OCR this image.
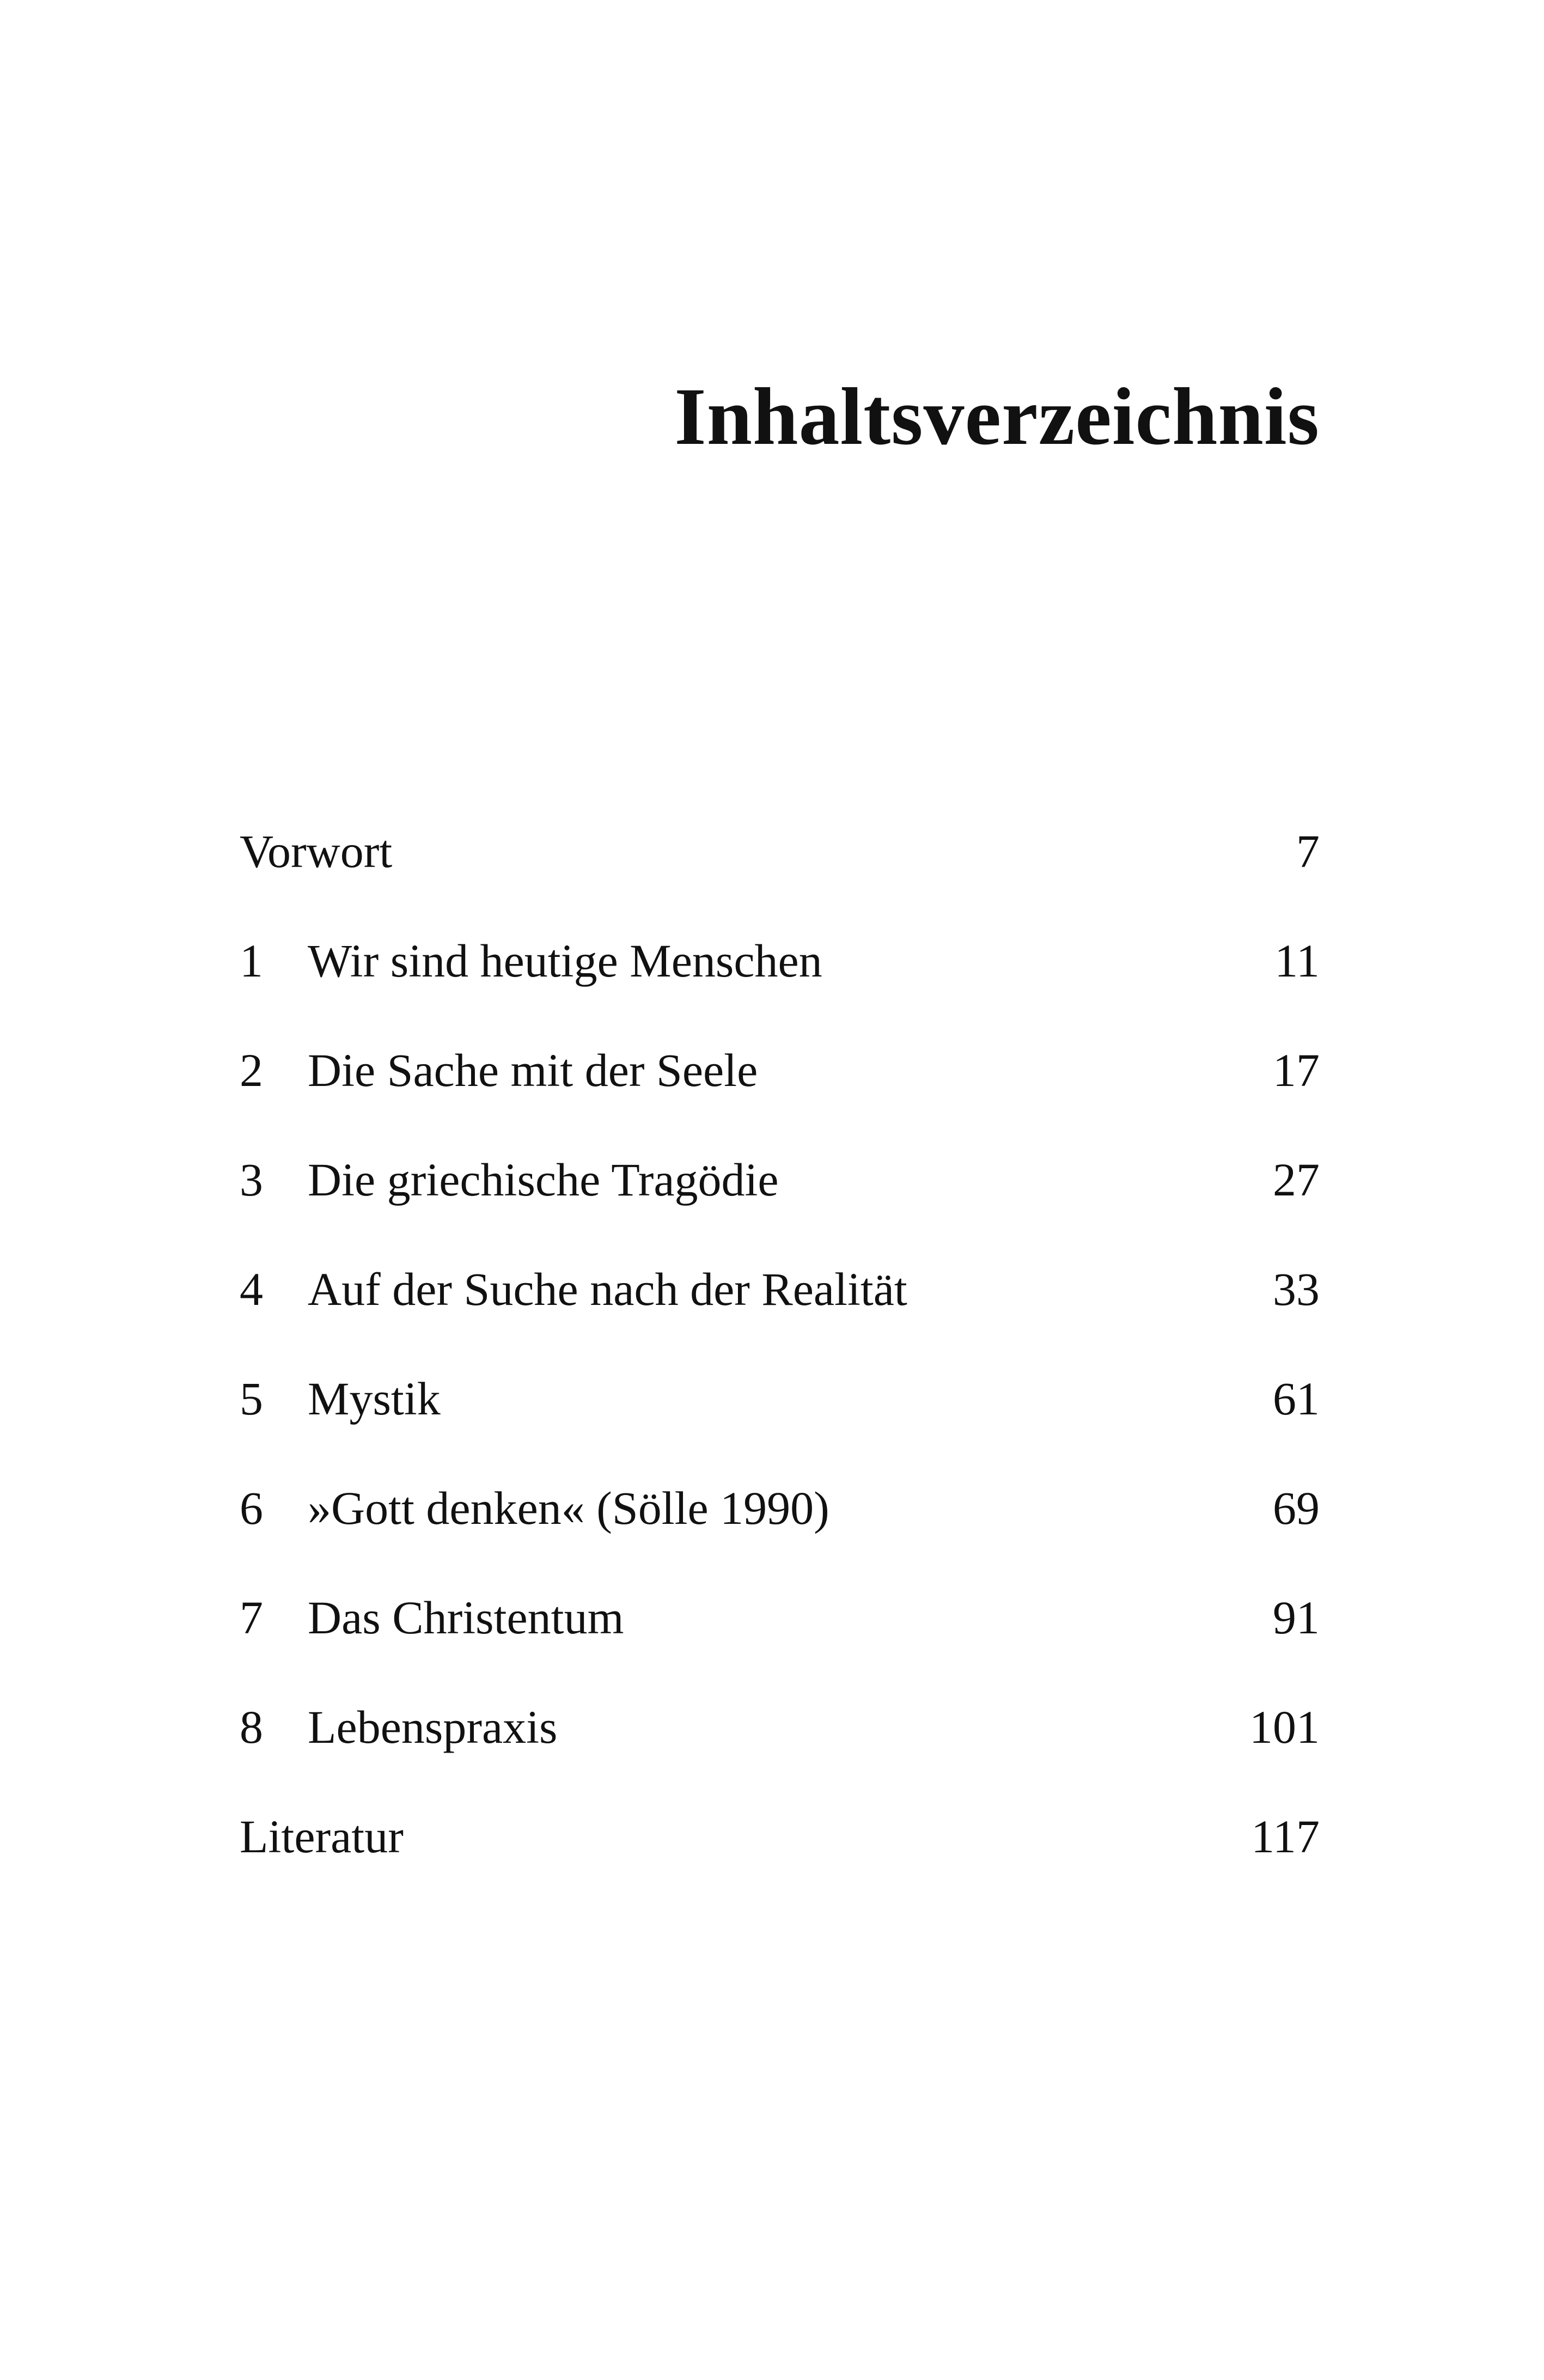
Inhaltsverzeichnis
Vorwort	7
1 Wir sind heutige Menschen	11
2 Die Sache mit der Seele	17
3 Die griechische Tragödie	27
4 Auf der Suche nach der Realität	33
5 Mystik	61
6 »Gott denken« (Sölle 1990)	69
7 Das Christentum	91
8 Lebenspraxis	101
Literatur	117
